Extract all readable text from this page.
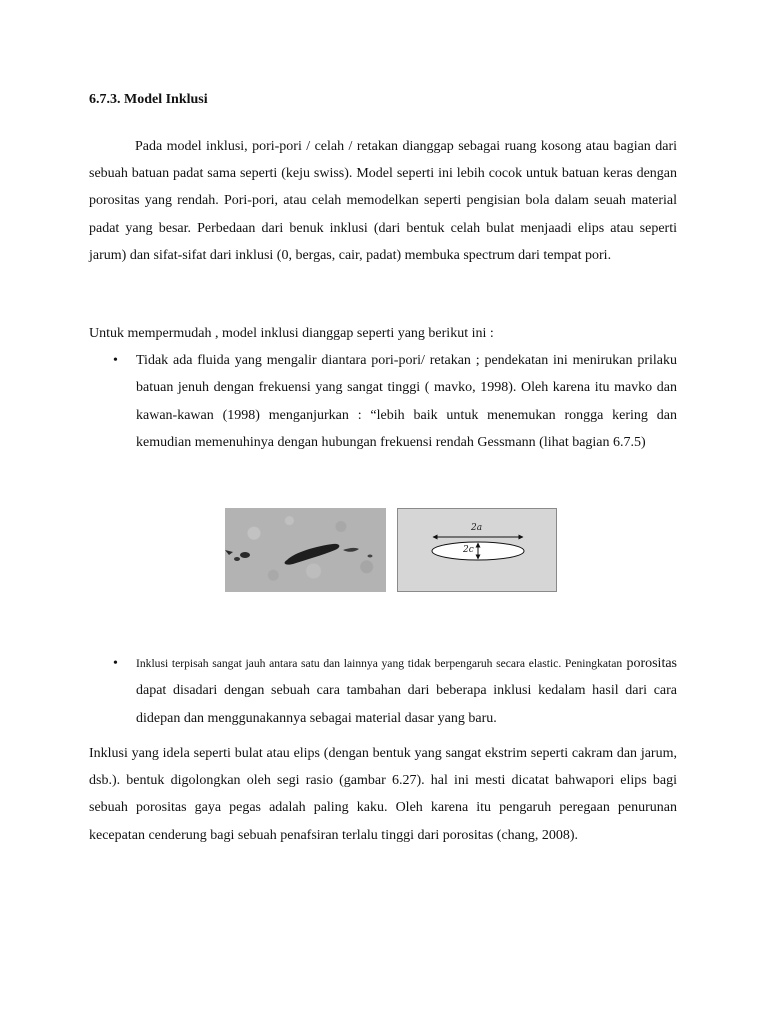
6.7.3. Model Inklusi

Pada model inklusi, pori-pori / celah / retakan dianggap sebagai ruang kosong atau bagian dari sebuah batuan padat sama seperti (keju swiss). Model seperti ini lebih cocok untuk batuan keras dengan porositas yang rendah. Pori-pori, atau celah memodelkan seperti pengisian bola dalam seuah material padat yang besar. Perbedaan dari benuk inklusi (dari bentuk celah bulat menjaadi elips atau seperti jarum) dan sifat-sifat dari inklusi (0, bergas, cair, padat) membuka spectrum dari tempat pori.

Untuk mempermudah , model inklusi dianggap seperti yang berikut ini :

• Tidak ada fluida yang mengalir diantara pori-pori/ retakan ; pendekatan ini menirukan prilaku batuan jenuh dengan frekuensi yang sangat tinggi ( mavko, 1998). Oleh karena itu mavko dan kawan-kawan (1998) menganjurkan : “lebih baik untuk menemukan rongga kering dan kemudian memenuhinya dengan hubungan frekuensi rendah Gessmann (lihat bagian 6.7.5)

2a
2c
• Inklusi terpisah sangat jauh antara satu dan lainnya yang tidak berpengaruh secara elastic. Peningkatan porositas dapat disadari dengan sebuah cara tambahan dari beberapa inklusi kedalam hasil dari cara didepan dan menggunakannya sebagai material dasar yang baru.

Inklusi yang idela seperti bulat atau elips (dengan bentuk yang sangat ekstrim seperti cakram dan jarum, dsb.). bentuk digolongkan oleh segi rasio (gambar 6.27). hal ini mesti dicatat bahwapori elips bagi sebuah porositas gaya pegas adalah paling kaku. Oleh karena itu pengaruh peregaan penurunan kecepatan cenderung bagi sebuah penafsiran terlalu tinggi dari porositas (chang, 2008).
